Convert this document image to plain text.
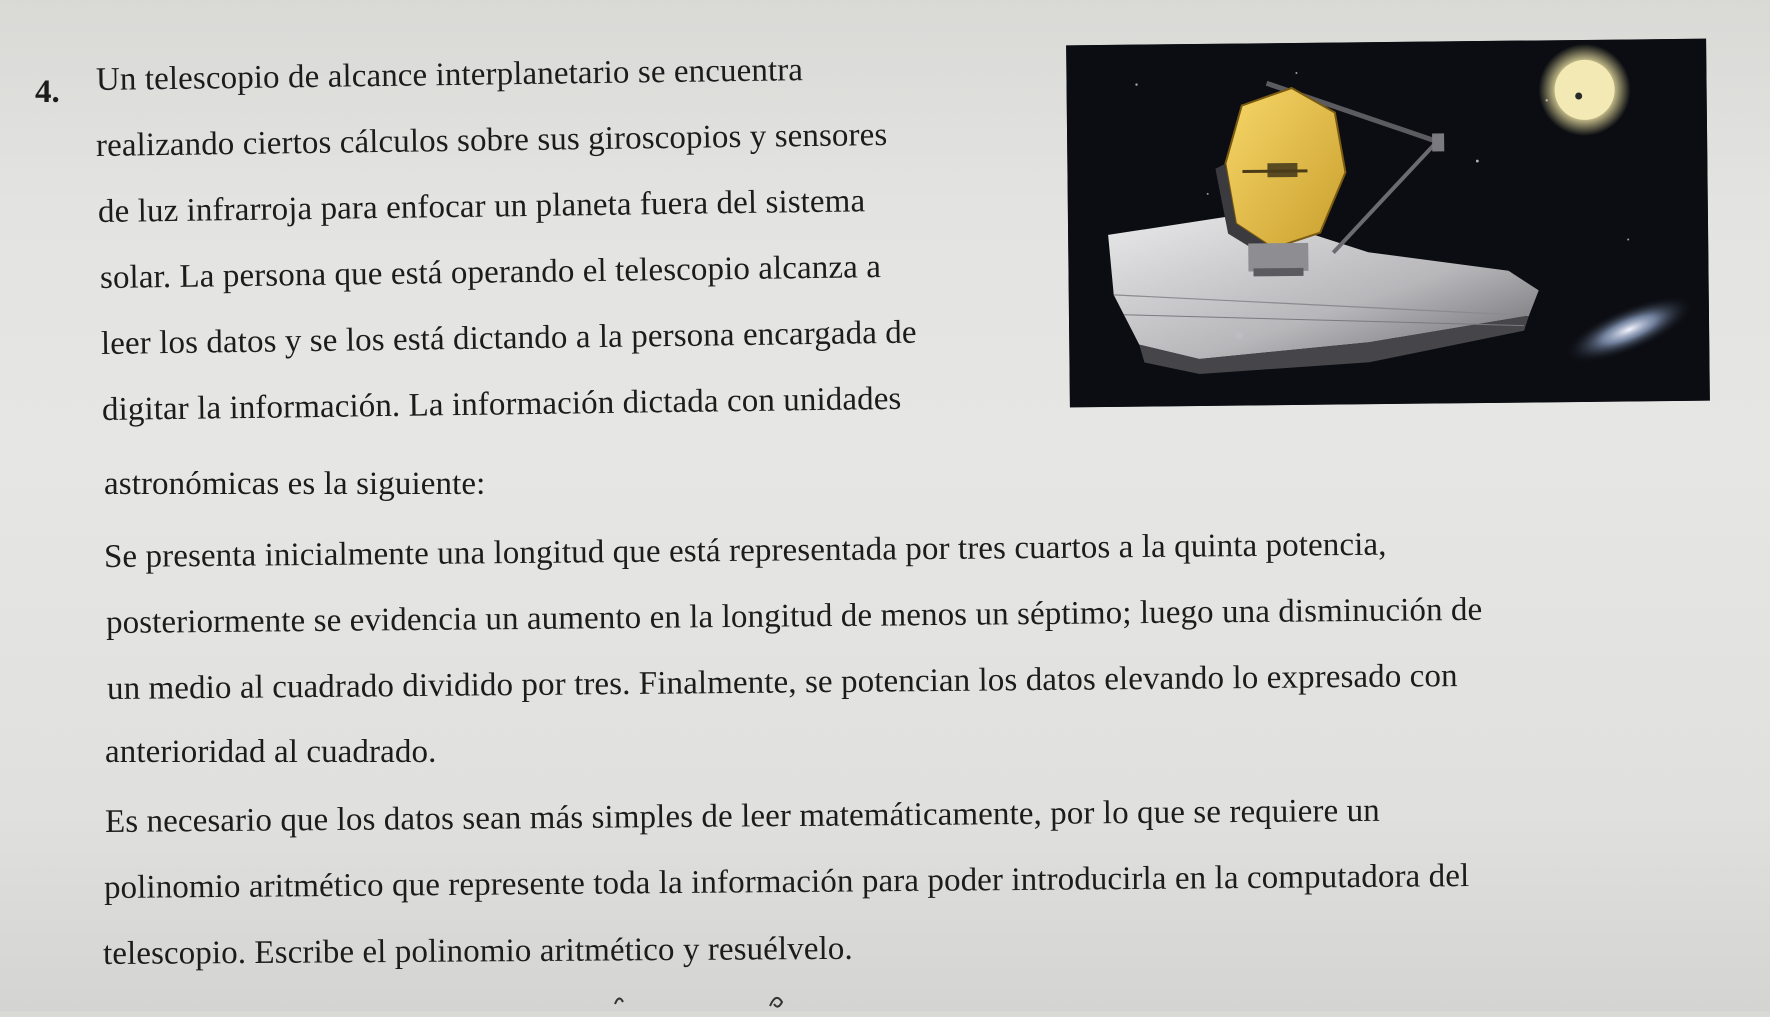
4. Un telescopio de alcance interplanetario se encuentra
realizando ciertos cálculos sobre sus giroscopios y sensores
de luz infrarroja para enfocar un planeta fuera del sistema
solar. La persona que está operando el telescopio alcanza a
leer los datos y se los está dictando a la persona encargada de
digitar la información. La información dictada con unidades
astronómicas es la siguiente:
Se presenta inicialmente una longitud que está representada por tres cuartos a la quinta potencia,
posteriormente se evidencia un aumento en la longitud de menos un séptimo; luego una disminución de
un medio al cuadrado dividido por tres. Finalmente, se potencian los datos elevando lo expresado con
anterioridad al cuadrado.
Es necesario que los datos sean más simples de leer matemáticamente, por lo que se requiere un
polinomio aritmético que represente toda la información para poder introducirla en la computadora del
telescopio. Escribe el polinomio aritmético y resuélvelo.
